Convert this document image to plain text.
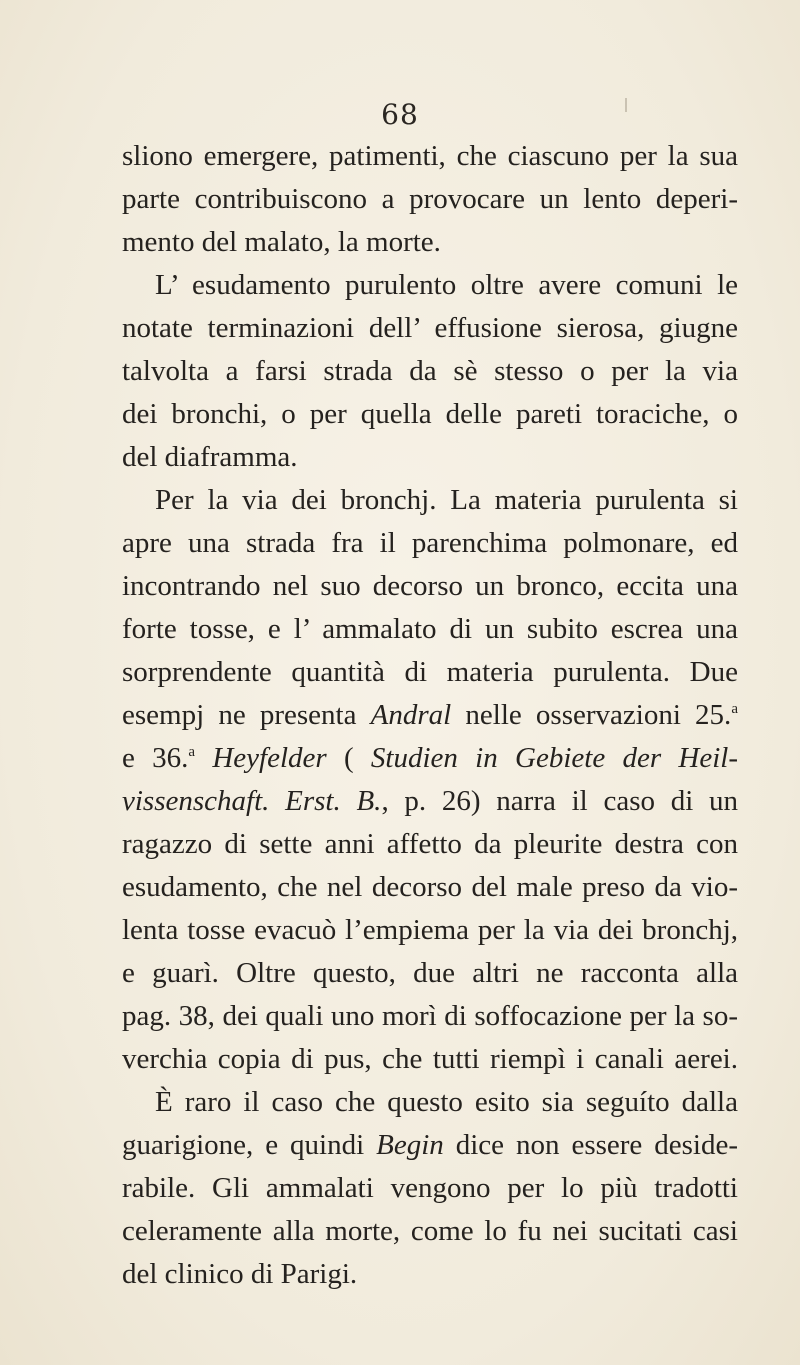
68
sliono emergere, patimenti, che ciascuno per la sua
parte contribuiscono a provocare un lento deperi-
mento del malato, la morte.
L’ esudamento purulento oltre avere comuni le
notate terminazioni dell’ effusione sierosa, giugne
talvolta a farsi strada da sè stesso o per la via
dei bronchi, o per quella delle pareti toraciche, o
del diaframma.
Per la via dei bronchj. La materia purulenta si
apre una strada fra il parenchima polmonare, ed
incontrando nel suo decorso un bronco, eccita una
forte tosse, e l’ ammalato di un subito escrea una
sorprendente quantità di materia purulenta. Due
esempj ne presenta Andral nelle osservazioni 25.$^a$
e 36.$^a$ Heyfelder ( Studien in Gebiete der Heil-
vissenschaft. Erst. B., p. 26) narra il caso di un
ragazzo di sette anni affetto da pleurite destra con
esudamento, che nel decorso del male preso da vio-
lenta tosse evacuò l’empiema per la via dei bronchj,
e guarì. Oltre questo, due altri ne racconta alla
pag. 38, dei quali uno morì di soffocazione per la so-
verchia copia di pus, che tutti riempì i canali aerei.
È raro il caso che questo esito sia seguíto dalla
guarigione, e quindi Begin dice non essere deside-
rabile. Gli ammalati vengono per lo più tradotti
celeramente alla morte, come lo fu nei sucitati casi
del clinico di Parigi.
